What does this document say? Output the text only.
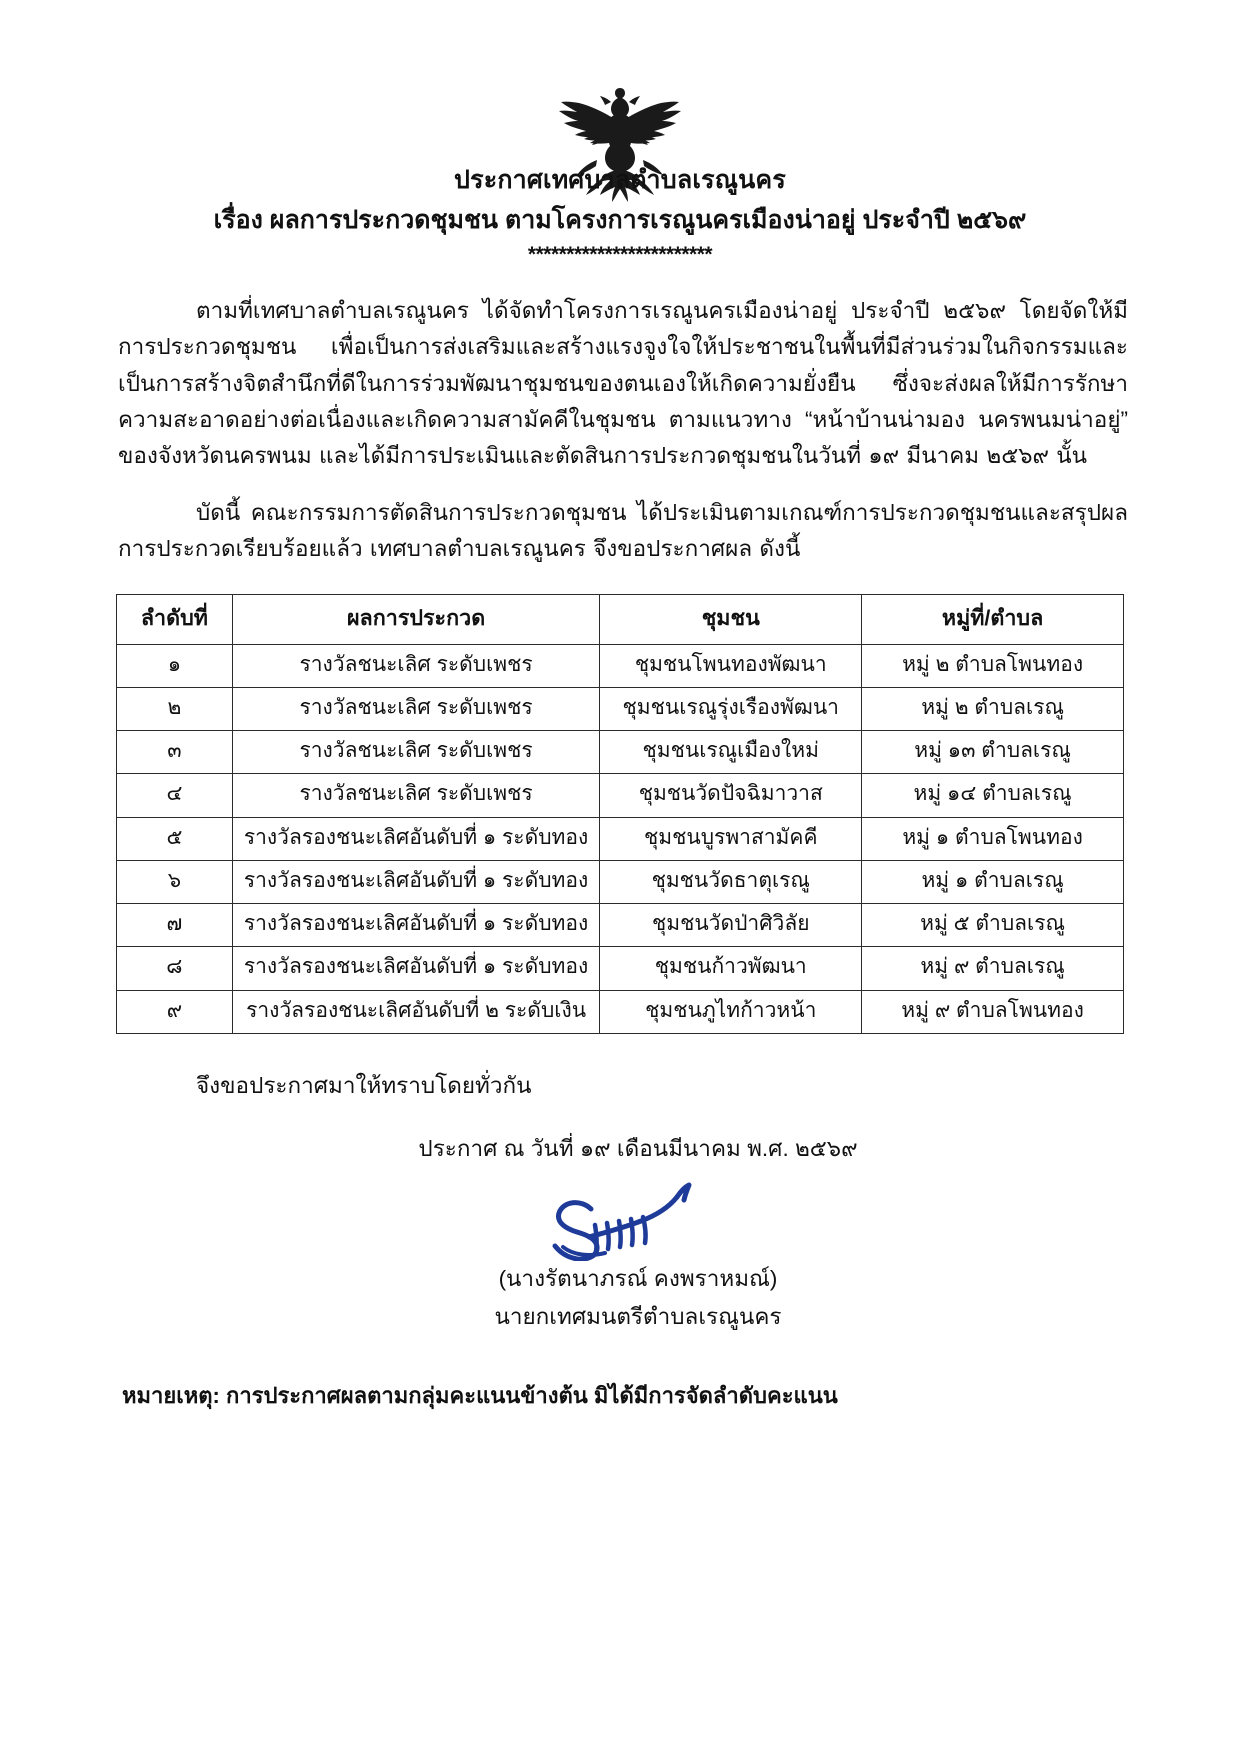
ประกาศเทศบาลตำบลเรณูนคร
เรื่อง ผลการประกวดชุมชน ตามโครงการเรณูนครเมืองน่าอยู่ ประจำปี ๒๕๖๙
************************
ตามที่เทศบาลตำบลเรณูนคร ได้จัดทำโครงการเรณูนครเมืองน่าอยู่ ประจำปี ๒๕๖๙ โดยจัดให้มีการประกวดชุมชน เพื่อเป็นการส่งเสริมและสร้างแรงจูงใจให้ประชาชนในพื้นที่มีส่วนร่วมในกิจกรรมและเป็นการสร้างจิตสำนึกที่ดีในการร่วมพัฒนาชุมชนของตนเองให้เกิดความยั่งยืน ซึ่งจะส่งผลให้มีการรักษาความสะอาดอย่างต่อเนื่องและเกิดความสามัคคีในชุมชน ตามแนวทาง “หน้าบ้านน่ามอง นครพนมน่าอยู่” ของจังหวัดนครพนม และได้มีการประเมินและตัดสินการประกวดชุมชนในวันที่ ๑๙ มีนาคม ๒๕๖๙ นั้น
บัดนี้ คณะกรรมการตัดสินการประกวดชุมชน ได้ประเมินตามเกณฑ์การประกวดชุมชนและสรุปผลการประกวดเรียบร้อยแล้ว เทศบาลตำบลเรณูนคร จึงขอประกาศผล ดังนี้
ลำดับที่	ผลการประกวด	ชุมชน	หมู่ที่/ตำบล
๑	รางวัลชนะเลิศ ระดับเพชร	ชุมชนโพนทองพัฒนา	หมู่ ๒ ตำบลโพนทอง
๒	รางวัลชนะเลิศ ระดับเพชร	ชุมชนเรณูรุ่งเรืองพัฒนา	หมู่ ๒ ตำบลเรณู
๓	รางวัลชนะเลิศ ระดับเพชร	ชุมชนเรณูเมืองใหม่	หมู่ ๑๓ ตำบลเรณู
๔	รางวัลชนะเลิศ ระดับเพชร	ชุมชนวัดปัจฉิมาวาส	หมู่ ๑๔ ตำบลเรณู
๕	รางวัลรองชนะเลิศอันดับที่ ๑ ระดับทอง	ชุมชนบูรพาสามัคคี	หมู่ ๑ ตำบลโพนทอง
๖	รางวัลรองชนะเลิศอันดับที่ ๑ ระดับทอง	ชุมชนวัดธาตุเรณู	หมู่ ๑ ตำบลเรณู
๗	รางวัลรองชนะเลิศอันดับที่ ๑ ระดับทอง	ชุมชนวัดป่าศิวิลัย	หมู่ ๕ ตำบลเรณู
๘	รางวัลรองชนะเลิศอันดับที่ ๑ ระดับทอง	ชุมชนก้าวพัฒนา	หมู่ ๙ ตำบลเรณู
๙	รางวัลรองชนะเลิศอันดับที่ ๒ ระดับเงิน	ชุมชนภูไทก้าวหน้า	หมู่ ๙ ตำบลโพนทอง
จึงขอประกาศมาให้ทราบโดยทั่วกัน
ประกาศ ณ วันที่ ๑๙ เดือนมีนาคม พ.ศ. ๒๕๖๙
(นางรัตนาภรณ์ คงพราหมณ์)
นายกเทศมนตรีตำบลเรณูนคร
หมายเหตุ: การประกาศผลตามกลุ่มคะแนนข้างต้น มิได้มีการจัดลำดับคะแนน
